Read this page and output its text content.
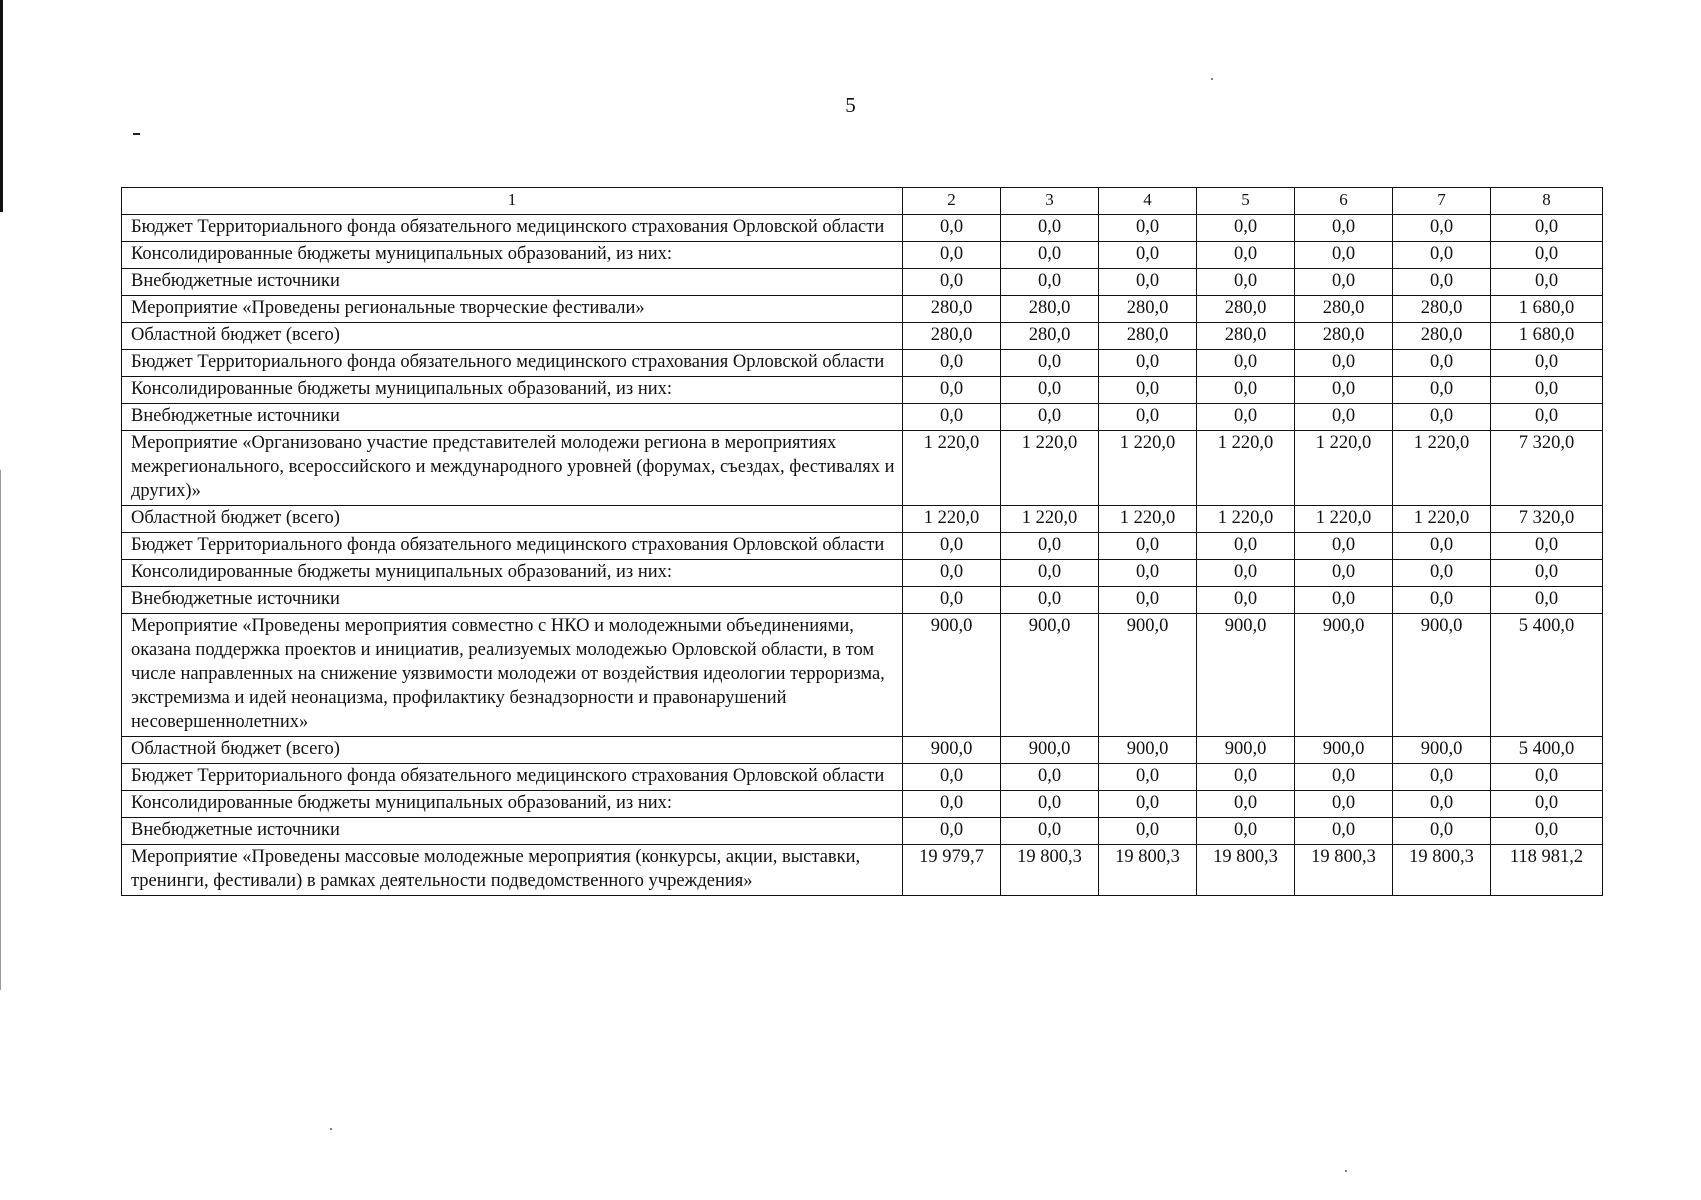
5
1	2	3	4	5	6	7	8
Бюджет Территориального фонда обязательного медицинского страхования Орловской области	0,0	0,0	0,0	0,0	0,0	0,0	0,0
Консолидированные бюджеты муниципальных образований, из них:	0,0	0,0	0,0	0,0	0,0	0,0	0,0
Внебюджетные источники	0,0	0,0	0,0	0,0	0,0	0,0	0,0
Мероприятие «Проведены региональные творческие фестивали»	280,0	280,0	280,0	280,0	280,0	280,0	1 680,0
Областной бюджет (всего)	280,0	280,0	280,0	280,0	280,0	280,0	1 680,0
Бюджет Территориального фонда обязательного медицинского страхования Орловской области	0,0	0,0	0,0	0,0	0,0	0,0	0,0
Консолидированные бюджеты муниципальных образований, из них:	0,0	0,0	0,0	0,0	0,0	0,0	0,0
Внебюджетные источники	0,0	0,0	0,0	0,0	0,0	0,0	0,0
Мероприятие «Организовано участие представителей молодежи региона в мероприятиях межрегионального, всероссийского и международного уровней (форумах, съездах, фестивалях и других)»	1 220,0	1 220,0	1 220,0	1 220,0	1 220,0	1 220,0	7 320,0
Областной бюджет (всего)	1 220,0	1 220,0	1 220,0	1 220,0	1 220,0	1 220,0	7 320,0
Бюджет Территориального фонда обязательного медицинского страхования Орловской области	0,0	0,0	0,0	0,0	0,0	0,0	0,0
Консолидированные бюджеты муниципальных образований, из них:	0,0	0,0	0,0	0,0	0,0	0,0	0,0
Внебюджетные источники	0,0	0,0	0,0	0,0	0,0	0,0	0,0
Мероприятие «Проведены мероприятия совместно с НКО и молодежными объединениями, оказана поддержка проектов и инициатив, реализуемых молодежью Орловской области, в том числе направленных на снижение уязвимости молодежи от воздействия идеологии терроризма, экстремизма и идей неонацизма, профилактику безнадзорности и правонарушений несовершеннолетних»	900,0	900,0	900,0	900,0	900,0	900,0	5 400,0
Областной бюджет (всего)	900,0	900,0	900,0	900,0	900,0	900,0	5 400,0
Бюджет Территориального фонда обязательного медицинского страхования Орловской области	0,0	0,0	0,0	0,0	0,0	0,0	0,0
Консолидированные бюджеты муниципальных образований, из них:	0,0	0,0	0,0	0,0	0,0	0,0	0,0
Внебюджетные источники	0,0	0,0	0,0	0,0	0,0	0,0	0,0
Мероприятие «Проведены массовые молодежные мероприятия (конкурсы, акции, выставки, тренинги, фестивали) в рамках деятельности подведомственного учреждения»	19 979,7	19 800,3	19 800,3	19 800,3	19 800,3	19 800,3	118 981,2
